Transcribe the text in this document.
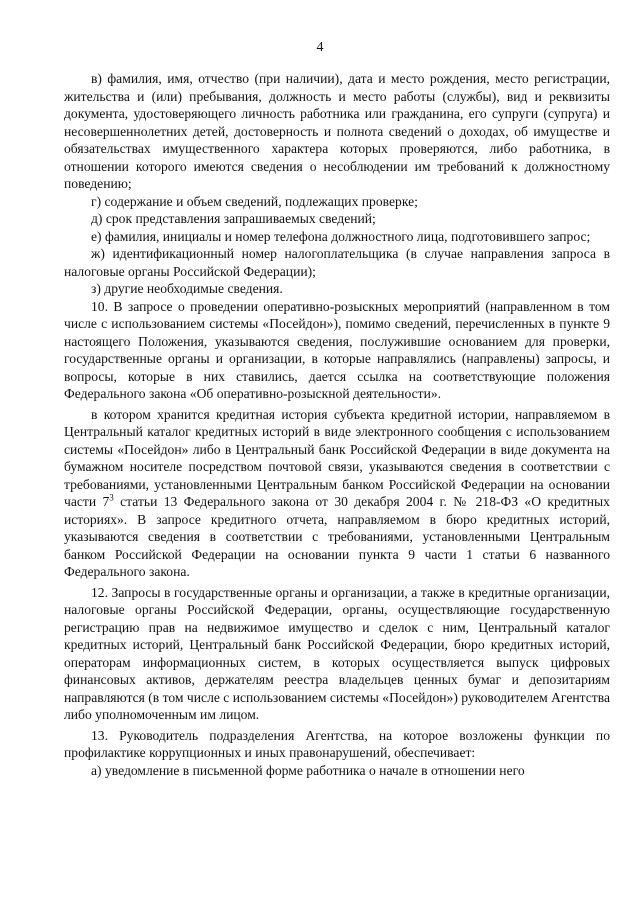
4

в) фамилия, имя, отчество (при наличии), дата и место рождения, место регистрации, жительства и (или) пребывания, должность и место работы (службы), вид и реквизиты документа, удостоверяющего личность работника или гражданина, его супруги (супруга) и несовершеннолетних детей, достоверность и полнота сведений о доходах, об имуществе и обязательствах имущественного характера которых проверяются, либо работника, в отношении которого имеются сведения о несоблюдении им требований к должностному поведению;

г) содержание и объем сведений, подлежащих проверке;

д) срок представления запрашиваемых сведений;

е) фамилия, инициалы и номер телефона должностного лица, подготовившего запрос;

ж) идентификационный номер налогоплательщика (в случае направления запроса в налоговые органы Российской Федерации);

з) другие необходимые сведения.

10. В запросе о проведении оперативно-розыскных мероприятий (направленном в том числе с использованием системы «Посейдон»), помимо сведений, перечисленных в пункте 9 настоящего Положения, указываются сведения, послужившие основанием для проверки, государственные органы и организации, в которые направлялись (направлены) запросы, и вопросы, которые в них ставились, дается ссылка на соответствующие положения Федерального закона «Об оперативно-розыскной деятельности».

в котором хранится кредитная история субъекта кредитной истории, направляемом в Центральный каталог кредитных историй в виде электронного сообщения с использованием системы «Посейдон» либо в Центральный банк Российской Федерации в виде документа на бумажном носителе посредством почтовой связи, указываются сведения в соответствии с требованиями, установленными Центральным банком Российской Федерации на основании части $7^3$ статьи 13 Федерального закона от 30 декабря 2004 г. № 218-ФЗ «О кредитных историях». В запросе кредитного отчета, направляемом в бюро кредитных историй, указываются сведения в соответствии с требованиями, установленными Центральным банком Российской Федерации на основании пункта 9 части 1 статьи 6 названного Федерального закона.

12. Запросы в государственные органы и организации, а также в кредитные организации, налоговые органы Российской Федерации, органы, осуществляющие государственную регистрацию прав на недвижимое имущество и сделок с ним, Центральный каталог кредитных историй, Центральный банк Российской Федерации, бюро кредитных историй, операторам информационных систем, в которых осуществляется выпуск цифровых финансовых активов, держателям реестра владельцев ценных бумаг и депозитариям направляются (в том числе с использованием системы «Посейдон») руководителем Агентства либо уполномоченным им лицом.

13. Руководитель подразделения Агентства, на которое возложены функции по профилактике коррупционных и иных правонарушений, обеспечивает:

а) уведомление в письменной форме работника о начале в отношении него
